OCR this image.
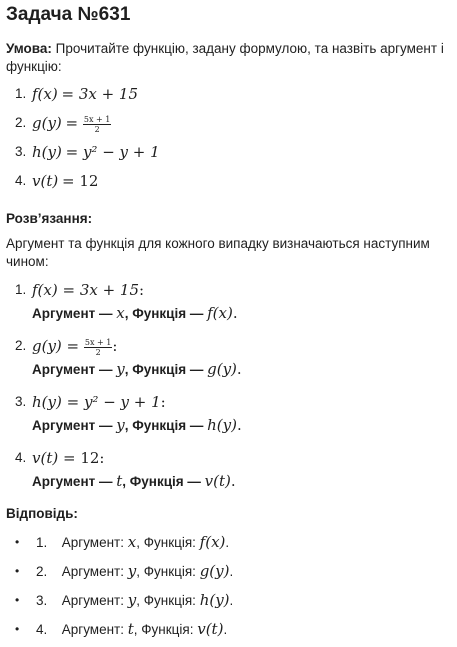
Задача №631
Умова: Прочитайте функцію, задану формулою, та назвіть аргумент і функцію:
1. f(x) = 3x + 15
2. $g(y) = \frac{5x + 1}{2}$
3. h(y) = y² − y + 1
4. v(t) = 12
Розв’язання:
Аргумент та функція для кожного випадку визначаються наступним чином:
1. f(x) = 3x + 15:
Аргумент — x, Функція — f(x).
2. $g(y) = \frac{5x + 1}{2}$ :
Аргумент — y, Функція — g(y).
3. h(y) = y² − y + 1:
Аргумент — y, Функція — h(y).
4. v(t) = 12:
Аргумент — t, Функція — v(t).
Відповідь:
• 1. Аргумент: x, Функція: f(x).
• 2. Аргумент: y, Функція: g(y).
• 3. Аргумент: y, Функція: h(y).
• 4. Аргумент: t, Функція: v(t).
